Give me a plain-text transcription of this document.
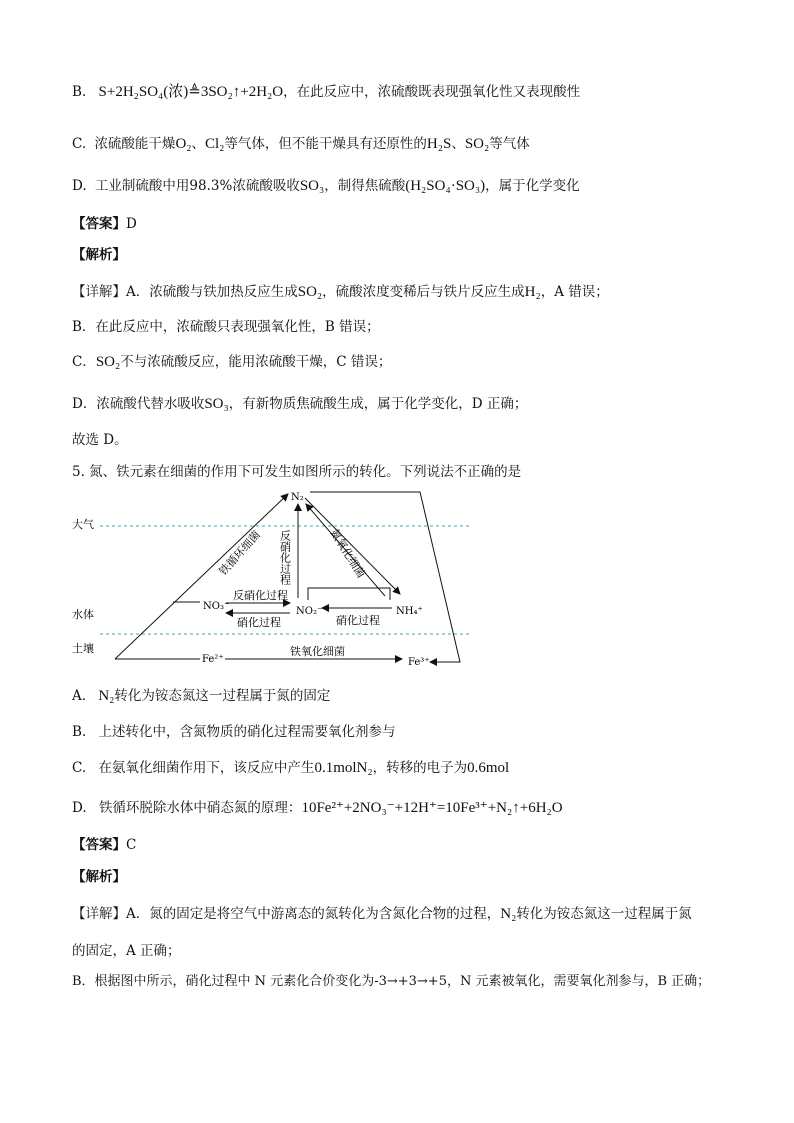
B. S+2H₂SO₄(浓)≜3SO₂↑+2H₂O，在此反应中，浓硫酸既表现强氧化性又表现酸性
C. 浓硫酸能干燥O₂、Cl₂等气体，但不能干燥具有还原性的H₂S、SO₂等气体
D. 工业制硫酸中用98.3%浓硫酸吸收SO₃，制得焦硫酸(H₂SO₄·SO₃)，属于化学变化
【答案】D
【解析】
【详解】A．浓硫酸与铁加热反应生成SO₂，硫酸浓度变稀后与铁片反应生成H₂，A 错误；
B．在此反应中，浓硫酸只表现强氧化性，B 错误；
C．SO₂不与浓硫酸反应，能用浓硫酸干燥，C 错误；
D．浓硫酸代替水吸收SO₃，有新物质焦硫酸生成，属于化学变化，D 正确；
故选 D。
5. 氮、铁元素在细菌的作用下可发生如图所示的转化。下列说法不正确的是
大气
水体
土壤
N₂
NO₃⁻	NO₂⁻	NH₄⁺
Fe²⁺	Fe³⁺
铁循环细菌 反硝化过程	氨氧化细菌
反硝化过程
硝化过程	硝化过程
铁氧化细菌
A. N₂转化为铵态氮这一过程属于氮的固定
B. 上述转化中，含氮物质的硝化过程需要氧化剂参与
C. 在氨氧化细菌作用下，该反应中产生0.1molN₂，转移的电子为0.6mol
D. 铁循环脱除水体中硝态氮的原理：10Fe²⁺+2NO₃⁻+12H⁺=10Fe³⁺+N₂↑+6H₂O
【答案】C
【解析】
【详解】A．氮的固定是将空气中游离态的氮转化为含氮化合物的过程，N₂转化为铵态氮这一过程属于氮
的固定，A 正确；
B．根据图中所示，硝化过程中 N 元素化合价变化为-3→+3→+5，N 元素被氧化，需要氧化剂参与，B 正确；
